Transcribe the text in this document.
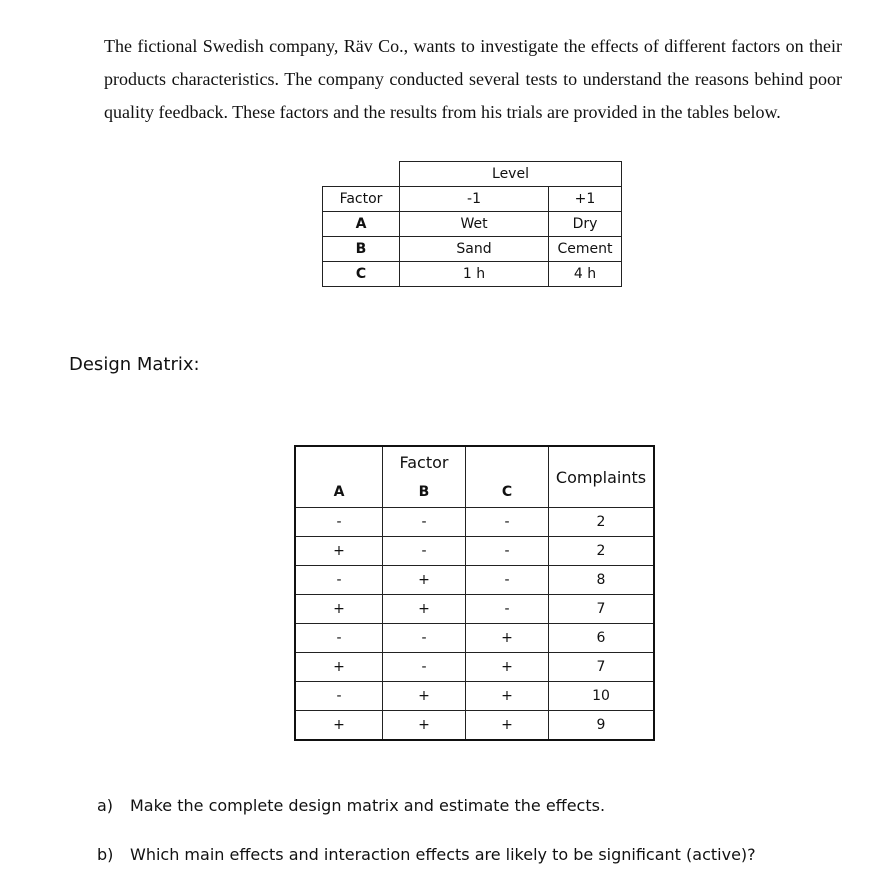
The fictional Swedish company, Räv Co., wants to investigate the effects of different factors on their products characteristics. The company conducted several tests to understand the reasons behind poor quality feedback. These factors and the results from his trials are provided in the tables below.

	Level	
Factor	-1	+1
A	Wet	Dry
B	Sand	Cement
C	1 h	4 h
Design Matrix:
	Factor		Complaints
A	B	C	
-	-	-	2
+	-	-	2
-	+	-	8
+	+	-	7
-	-	+	6
+	-	+	7
-	+	+	10
+	+	+	9
a) Make the complete design matrix and estimate the effects.
b) Which main effects and interaction effects are likely to be significant (active)?
